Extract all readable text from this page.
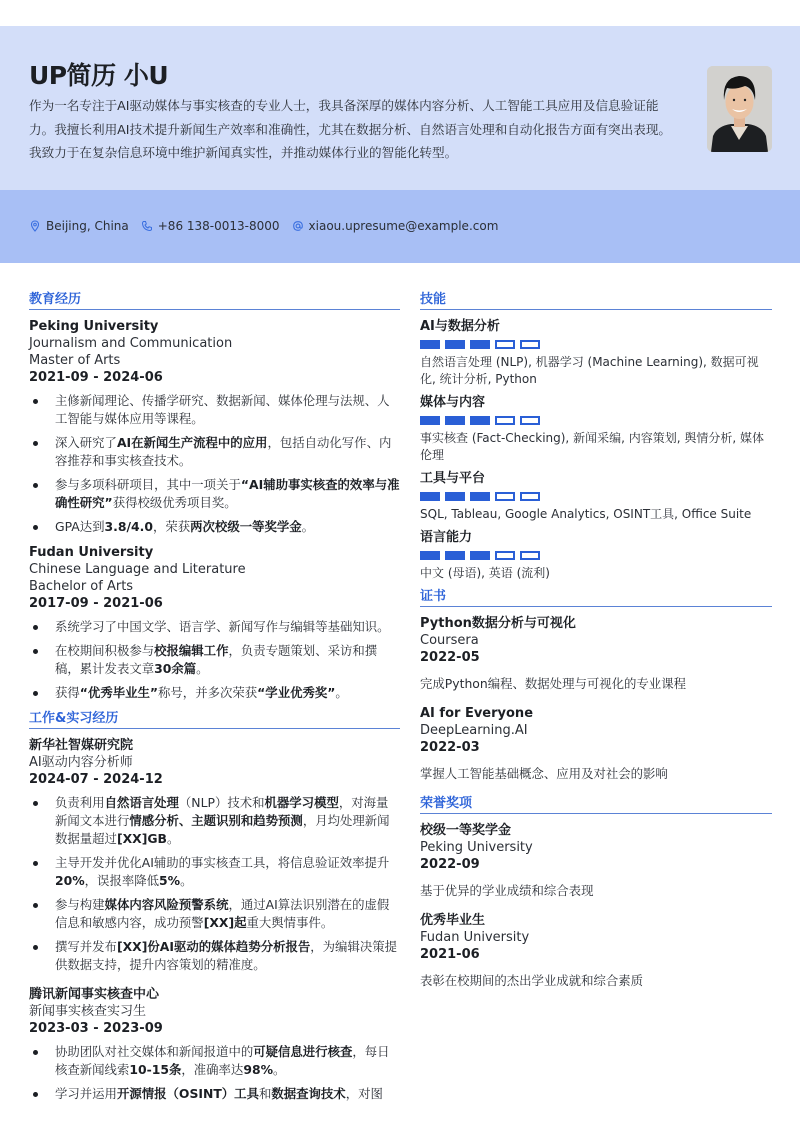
UP简历 小U
作为一名专注于AI驱动媒体与事实核查的专业人士，我具备深厚的媒体内容分析、人工智能工具应用及信息验证能力。我擅长利用AI技术提升新闻生产效率和准确性，尤其在数据分析、自然语言处理和自动化报告方面有突出表现。我致力于在复杂信息环境中维护新闻真实性，并推动媒体行业的智能化转型。
Beijing, China +86 138-0013-8000 xiaou.upresume@example.com
教育经历
Peking University
Journalism and Communication
Master of Arts
2021-09 - 2024-06
主修新闻理论、传播学研究、数据新闻、媒体伦理与法规、人工智能与媒体应用等课程。
深入研究了AI在新闻生产流程中的应用，包括自动化写作、内容推荐和事实核查技术。
参与多项科研项目，其中一项关于“AI辅助事实核查的效率与准确性研究”获得校级优秀项目奖。
GPA达到3.8/4.0，荣获两次校级一等奖学金。
Fudan University
Chinese Language and Literature
Bachelor of Arts
2017-09 - 2021-06
系统学习了中国文学、语言学、新闻写作与编辑等基础知识。
在校期间积极参与校报编辑工作，负责专题策划、采访和撰稿，累计发表文章30余篇。
获得“优秀毕业生”称号，并多次荣获“学业优秀奖”。
工作&实习经历
新华社智媒研究院
AI驱动内容分析师
2024-07 - 2024-12
负责利用自然语言处理（NLP）技术和机器学习模型，对海量新闻文本进行情感分析、主题识别和趋势预测，月均处理新闻数据量超过[XX]GB。
主导开发并优化AI辅助的事实核查工具，将信息验证效率提升20%，误报率降低5%。
参与构建媒体内容风险预警系统，通过AI算法识别潜在的虚假信息和敏感内容，成功预警[XX]起重大舆情事件。
撰写并发布[XX]份AI驱动的媒体趋势分析报告，为编辑决策提供数据支持，提升内容策划的精准度。
腾讯新闻事实核查中心
新闻事实核查实习生
2023-03 - 2023-09
协助团队对社交媒体和新闻报道中的可疑信息进行核查，每日核查新闻线索10-15条，准确率达98%。
学习并运用开源情报（OSINT）工具和数据查询技术，对图
技能
AI与数据分析
自然语言处理 (NLP), 机器学习 (Machine Learning), 数据可视化, 统计分析, Python
媒体与内容
事实核查 (Fact-Checking), 新闻采编, 内容策划, 舆情分析, 媒体伦理
工具与平台
SQL, Tableau, Google Analytics, OSINT工具, Office Suite
语言能力
中文 (母语), 英语 (流利)
证书
Python数据分析与可视化
Coursera
2022-05
完成Python编程、数据处理与可视化的专业课程
AI for Everyone
DeepLearning.AI
2022-03
掌握人工智能基础概念、应用及对社会的影响
荣誉奖项
校级一等奖学金
Peking University
2022-09
基于优异的学业成绩和综合表现
优秀毕业生
Fudan University
2021-06
表彰在校期间的杰出学业成就和综合素质
